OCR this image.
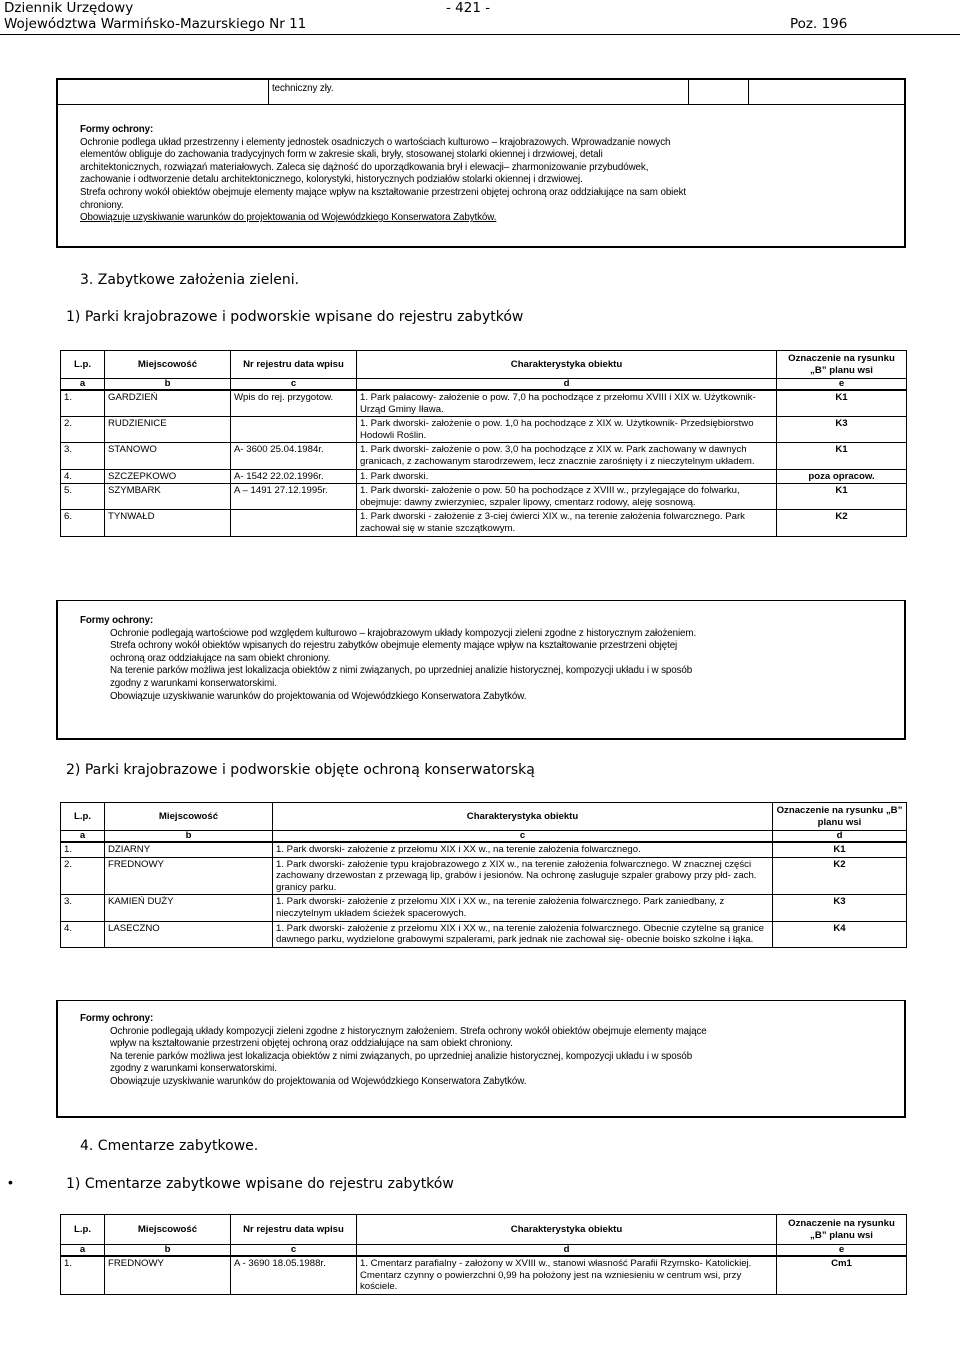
Dziennik Urzędowy
Województwa Warmińsko-Mazurskiego Nr 11
- 421 -
Poz. 196
techniczny zły.
Formy ochrony:
Ochronie podlega układ przestrzenny i elementy jednostek osadniczych o wartościach kulturowo – krajobrazowych. Wprowadzanie nowych
elementów obliguje do zachowania tradycyjnych form w zakresie skali, bryły, stosowanej stolarki okiennej i drzwiowej, detali
architektonicznych, rozwiązań materiałowych. Zaleca się dążność do uporządkowania brył i elewacji– zharmonizowanie przybudówek,
zachowanie i odtworzenie detalu architektonicznego, kolorystyki, historycznych podziałów stolarki okiennej i drzwiowej.
Strefa ochrony wokół obiektów obejmuje elementy mające wpływ na kształtowanie przestrzeni objętej ochroną oraz oddziałujące na sam obiekt
chroniony.
Obowiązuje uzyskiwanie warunków do projektowania od Wojewódzkiego Konserwatora Zabytków.
3. Zabytkowe założenia zieleni.
1) Parki krajobrazowe i podworskie wpisane do rejestru zabytków
L.p.	Miejscowość	Nr rejestru data wpisu	Charakterystyka obiektu	Oznaczenie na rysunku „B” planu wsi
a	b	c	d	e
1.	GARDZIEŃ	Wpis do rej. przygotow.	1. Park pałacowy- założenie o pow. 7,0 ha pochodzące z przełomu XVIII i XIX w. Użytkownik- Urząd Gminy Iława.	K1
2.	RUDZIENICE		1. Park dworski- założenie o pow. 1,0 ha pochodzące z XIX w. Użytkownik- Przedsiębiorstwo Hodowli Roślin.	K3
3.	STANOWO	A- 3600 25.04.1984r.	1. Park dworski- założenie o pow. 3,0 ha pochodzące z XIX w. Park zachowany w dawnych granicach, z zachowanym starodrzewem, lecz znacznie zarośnięty i z nieczytelnym układem.	K1
4.	SZCZEPKOWO	A- 1542 22.02.1996r.	1. Park dworski.	poza opracow.
5.	SZYMBARK	A – 1491 27.12.1995r.	1. Park dworski- założenie o pow. 50 ha pochodzące z XVIII w., przylegające do folwarku, obejmuje: dawny zwierzyniec, szpaler lipowy, cmentarz rodowy, aleję sosnową.	K1
6.	TYNWAŁD		1. Park dworski - założenie z 3-ciej ćwierci XIX w., na terenie założenia folwarcznego. Park zachował się w stanie szczątkowym.	K2
Formy ochrony:
Ochronie podlegają wartościowe pod względem kulturowo – krajobrazowym układy kompozycji zieleni zgodne z historycznym założeniem.
Strefa ochrony wokół obiektów wpisanych do rejestru zabytków obejmuje elementy mające wpływ na kształtowanie przestrzeni objętej
ochroną oraz oddziałujące na sam obiekt chroniony.
Na terenie parków możliwa jest lokalizacja obiektów z nimi związanych, po uprzedniej analizie historycznej, kompozycji układu i w sposób
zgodny z warunkami konserwatorskimi.
Obowiązuje uzyskiwanie warunków do projektowania od Wojewódzkiego Konserwatora Zabytków.
2) Parki krajobrazowe i podworskie objęte ochroną konserwatorską
L.p.	Miejscowość	Charakterystyka obiektu	Oznaczenie na rysunku „B” planu wsi
a	b	c	d
1.	DZIARNY	1. Park dworski- założenie z przełomu XIX i XX w., na terenie założenia folwarcznego.	K1
2.	FREDNOWY	1. Park dworski- założenie typu krajobrazowego z XIX w., na terenie założenia folwarcznego. W znacznej części zachowany drzewostan z przewagą lip, grabów i jesionów. Na ochronę zasługuje szpaler grabowy przy płd- zach. granicy parku.	K2
3.	KAMIEŃ DUŻY	1. Park dworski- założenie z przełomu XIX i XX w., na terenie założenia folwarcznego. Park zaniedbany, z nieczytelnym układem ścieżek spacerowych.	K3
4.	LASECZNO	1. Park dworski- założenie z przełomu XIX i XX w., na terenie założenia folwarcznego. Obecnie czytelne są granice dawnego parku, wydzielone grabowymi szpalerami, park jednak nie zachował się- obecnie boisko szkolne i łąka.	K4
Formy ochrony:
Ochronie podlegają układy kompozycji zieleni zgodne z historycznym założeniem. Strefa ochrony wokół obiektów obejmuje elementy mające
wpływ na kształtowanie przestrzeni objętej ochroną oraz oddziałujące na sam obiekt chroniony.
Na terenie parków możliwa jest lokalizacja obiektów z nimi związanych, po uprzedniej analizie historycznej, kompozycji układu i w sposób
zgodny z warunkami konserwatorskimi.
Obowiązuje uzyskiwanie warunków do projektowania od Wojewódzkiego Konserwatora Zabytków.
4. Cmentarze zabytkowe.
•	1) Cmentarze zabytkowe wpisane do rejestru zabytków
L.p.	Miejscowość	Nr rejestru data wpisu	Charakterystyka obiektu	Oznaczenie na rysunku „B” planu wsi
a	b	c	d	e
1.	FREDNOWY	A - 3690 18.05.1988r.	1. Cmentarz parafialny - założony w XVIII w., stanowi własność Parafii Rzymsko- Katolickiej. Cmentarz czynny o powierzchni 0,99 ha położony jest na wzniesieniu w centrum wsi, przy kościele.	Cm1
